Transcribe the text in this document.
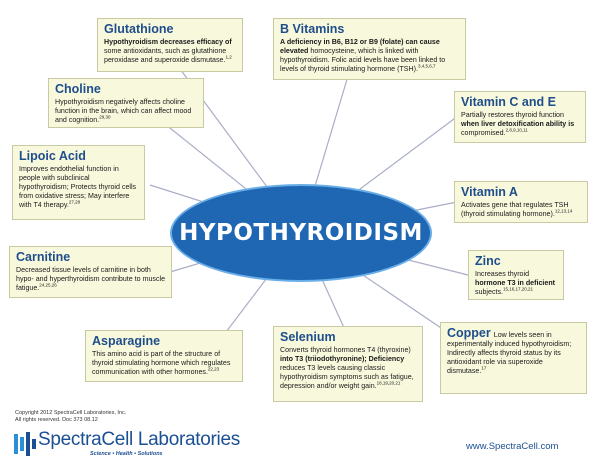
HYPOTHYROIDISM
Glutathione
Hypothyroidism decreases efficacy of some antioxidants, such as glutathione peroxidase and superoxide dismutase.$^{1,2}$
B Vitamins
A deficiency in B6, B12 or B9 (folate) can cause elevated homocysteine, which is linked with hypothyroidism. Folic acid levels have been linked to levels of thyroid stimulating hormone (TSH).$^{3,4,5,6,7}$
Choline
Hypothyroidism negatively affects choline function in the brain, which can affect mood and cognition.$^{29,30}$
Vitamin C and E
Partially restores thyroid function when liver detoxification ability is compromised.$^{2,8,9,10,11}$
Lipoic Acid
Improves endothelial function in people with subclinical hypothyroidism; Protects thyroid cells from oxidative stress; May interfere with T4 therapy.$^{27,28}$
Vitamin A
Activates gene that regulates TSH (thyroid stimulating hormone).$^{12,13,14}$
Carnitine
Decreased tissue levels of carnitine in both hypo- and hyperthyroidism contribute to muscle fatigue.$^{24,25,26}$
Zinc
Increases thyroid hormone T3 in deficient subjects.$^{15,16,17,20,21}$
Asparagine
This amino acid is part of the structure of thyroid stimulating hormone which regulates communication with other hormones.$^{22,23}$
Selenium
Converts thyroid hormones T4 (thyroxine) into T3 (triiodothyronine); Deficiency reduces T3 levels causing classic hypothyroidism symptoms such as fatigue, depression and/or weight gain.$^{18,19,20,21}$
Copper Low levels seen in experimentally induced hypothyroidism; Indirectly affects thyroid status by its antioxidant role via superoxide dismutase.$^{17}$
Copyright 2012 SpectraCell Laboratories, Inc.
All rights reserved. Doc 373 08.12
SpectraCell Laboratories
Science • Health • Solutions
www.SpectraCell.com
